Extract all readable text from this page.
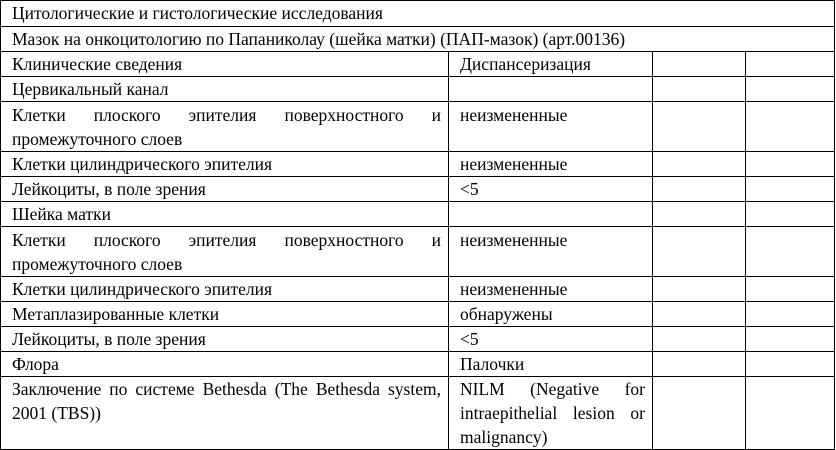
Цитологические и гистологические исследования			
Мазок на онкоцитологию по Папаниколау (шейка матки) (ПАП-мазок) (арт.00136)			
Клинические сведения	Диспансеризация		
Цервикальный канал			
Клетки плоского эпителия поверхностного и промежуточного слоев	неизмененные		
Клетки цилиндрического эпителия	неизмененные		
Лейкоциты, в поле зрения	<5		
Шейка матки			
Клетки плоского эпителия поверхностного и промежуточного слоев	неизмененные		
Клетки цилиндрического эпителия	неизмененные		
Метаплазированные клетки	обнаружены		
Лейкоциты, в поле зрения	<5		
Флора	Палочки		
Заключение по системе Bethesda (The Bethesda system, 2001 (TBS))	NILM (Negative for intraepithelial lesion or malignancy)		
